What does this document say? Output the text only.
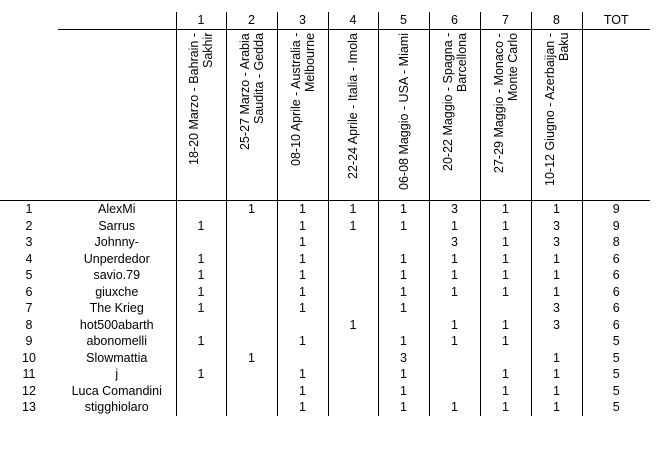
		1	2	3	4	5	6	7	8	TOT
		18-20 Marzo - Bahrain - Sakhir	25-27 Marzo - Arabia Saudita - Gedda	08-10 Aprile - Australia - Melbourne	22-24 Aprile - Italia - Imola	06-08 Maggio - USA - Miami	20-22 Maggio - Spagna - Barcellona	27-29 Maggio - Monaco - Monte Carlo	10-12 Giugno - Azerbaijan - Baku	
1	AlexMi		1	1	1	1	3	1	1	9
2	Sarrus	1		1	1	1	1	1	3	9
3	Johnny-			1			3	1	3	8
4	Unperdedor	1		1		1	1	1	1	6
5	savio.79	1		1		1	1	1	1	6
6	giuxche	1		1		1	1	1	1	6
7	The Krieg	1		1		1			3	6
8	hot500abarth				1		1	1	3	6
9	abonomelli	1		1		1	1	1		5
10	Slowmattia		1			3			1	5
11	j	1		1		1		1	1	5
12	Luca Comandini			1		1		1	1	5
13	stigghiolaro			1		1	1	1	1	5
